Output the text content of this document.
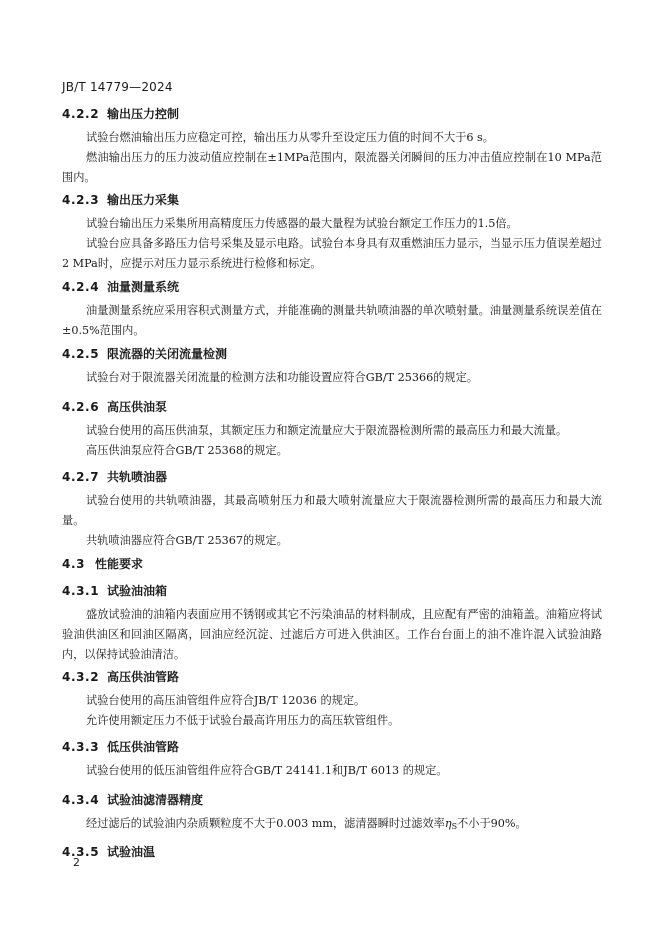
JB/T 14779—2024
4.2.2 输出压力控制

试验台燃油输出压力应稳定可控，输出压力从零升至设定压力值的时间不大于6 s。

燃油输出压力的压力波动值应控制在±1MPa范围内，限流器关闭瞬间的压力冲击值应控制在10 MPa范围内。

4.2.3 输出压力采集

试验台输出压力采集所用高精度压力传感器的最大量程为试验台额定工作压力的1.5倍。

试验台应具备多路压力信号采集及显示电路。试验台本身具有双重燃油压力显示，当显示压力值误差超过2 MPa时，应提示对压力显示系统进行检修和标定。

4.2.4 油量测量系统

油量测量系统应采用容积式测量方式，并能准确的测量共轨喷油器的单次喷射量。油量测量系统误差值在±0.5%范围内。

4.2.5 限流器的关闭流量检测

试验台对于限流器关闭流量的检测方法和功能设置应符合GB/T 25366的规定。

4.2.6 高压供油泵

试验台使用的高压供油泵，其额定压力和额定流量应大于限流器检测所需的最高压力和最大流量。

高压供油泵应符合GB/T 25368的规定。

4.2.7 共轨喷油器

试验台使用的共轨喷油器，其最高喷射压力和最大喷射流量应大于限流器检测所需的最高压力和最大流量。

共轨喷油器应符合GB/T 25367的规定。

4.3 性能要求
4.3.1 试验油油箱

盛放试验油的油箱内表面应用不锈钢或其它不污染油品的材料制成，且应配有严密的油箱盖。油箱应将试验油供油区和回油区隔离，回油应经沉淀、过滤后方可进入供油区。工作台台面上的油不准许混入试验油路内，以保持试验油清洁。

4.3.2 高压供油管路

试验台使用的高压油管组件应符合JB/T 12036 的规定。

允许使用额定压力不低于试验台最高许用压力的高压软管组件。

4.3.3 低压供油管路

试验台使用的低压油管组件应符合GB/T 24141.1和JB/T 6013 的规定。

4.3.4 试验油滤清器精度

经过滤后的试验油内杂质颗粒度不大于0.003 mm，滤清器瞬时过滤效率$\eta_S$不小于90%。

4.3.5 试验油温
2
